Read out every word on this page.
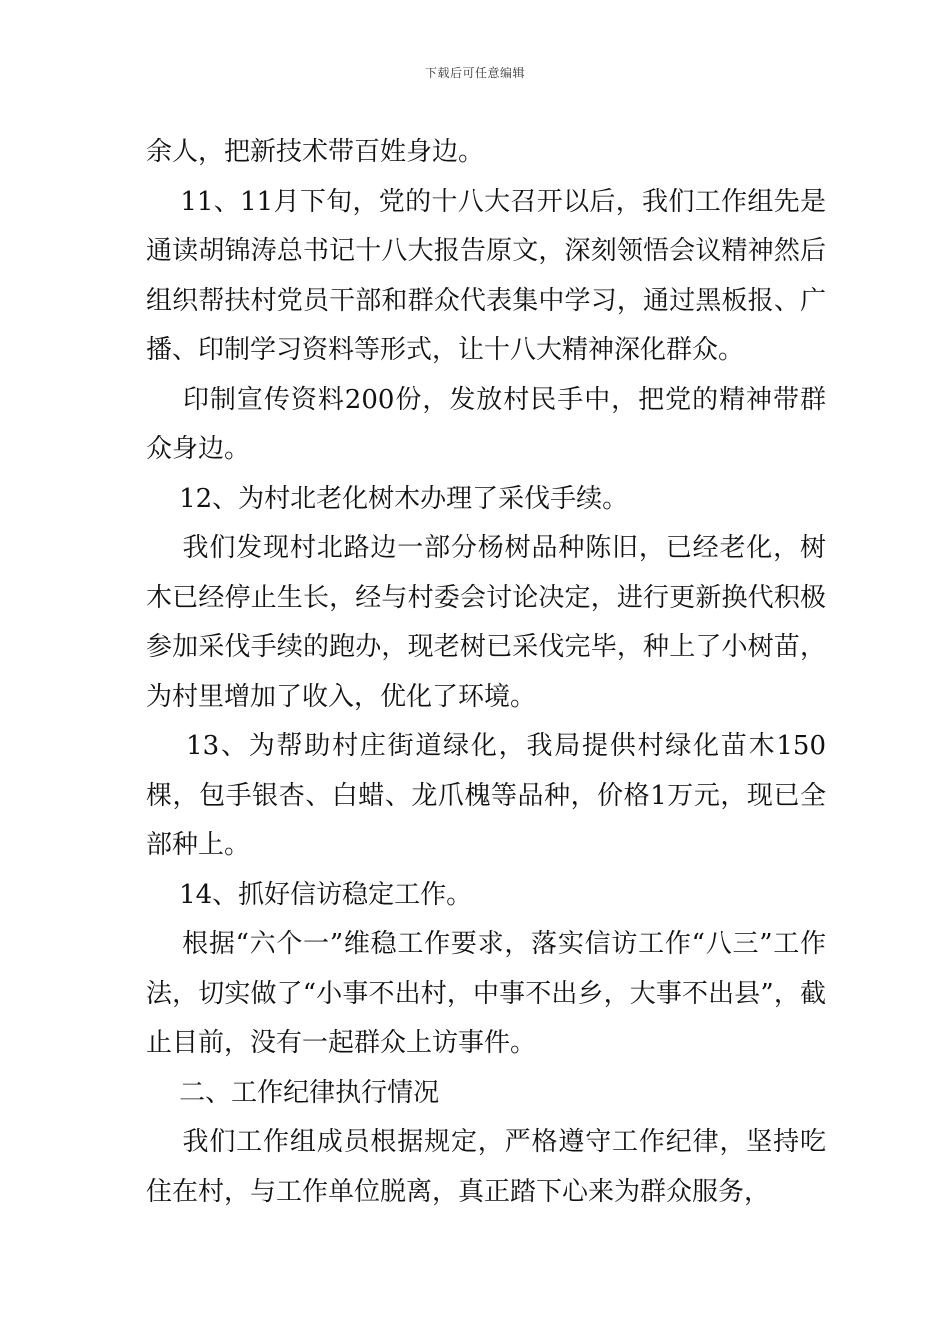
下载后可任意编辑

余人，把新技术带百姓身边。

11、11月下旬，党的十八大召开以后，我们工作组先是通读胡锦涛总书记十八大报告原文，深刻领悟会议精神然后组织帮扶村党员干部和群众代表集中学习，通过黑板报、广播、印制学习资料等形式，让十八大精神深化群众。

印制宣传资料200份，发放村民手中，把党的精神带群众身边。

12、为村北老化树木办理了采伐手续。

我们发现村北路边一部分杨树品种陈旧，已经老化，树木已经停止生长，经与村委会讨论决定，进行更新换代积极参加采伐手续的跑办，现老树已采伐完毕，种上了小树苗，为村里增加了收入，优化了环境。

13、为帮助村庄街道绿化，我局提供村绿化苗木150棵，包手银杏、白蜡、龙爪槐等品种，价格1万元，现已全部种上。

14、抓好信访稳定工作。

根据“六个一”维稳工作要求，落实信访工作“八三”工作法，切实做了“小事不出村，中事不出乡，大事不出县”，截止目前，没有一起群众上访事件。

二、工作纪律执行情况

我们工作组成员根据规定，严格遵守工作纪律，坚持吃住在村，与工作单位脱离，真正踏下心来为群众服务，
